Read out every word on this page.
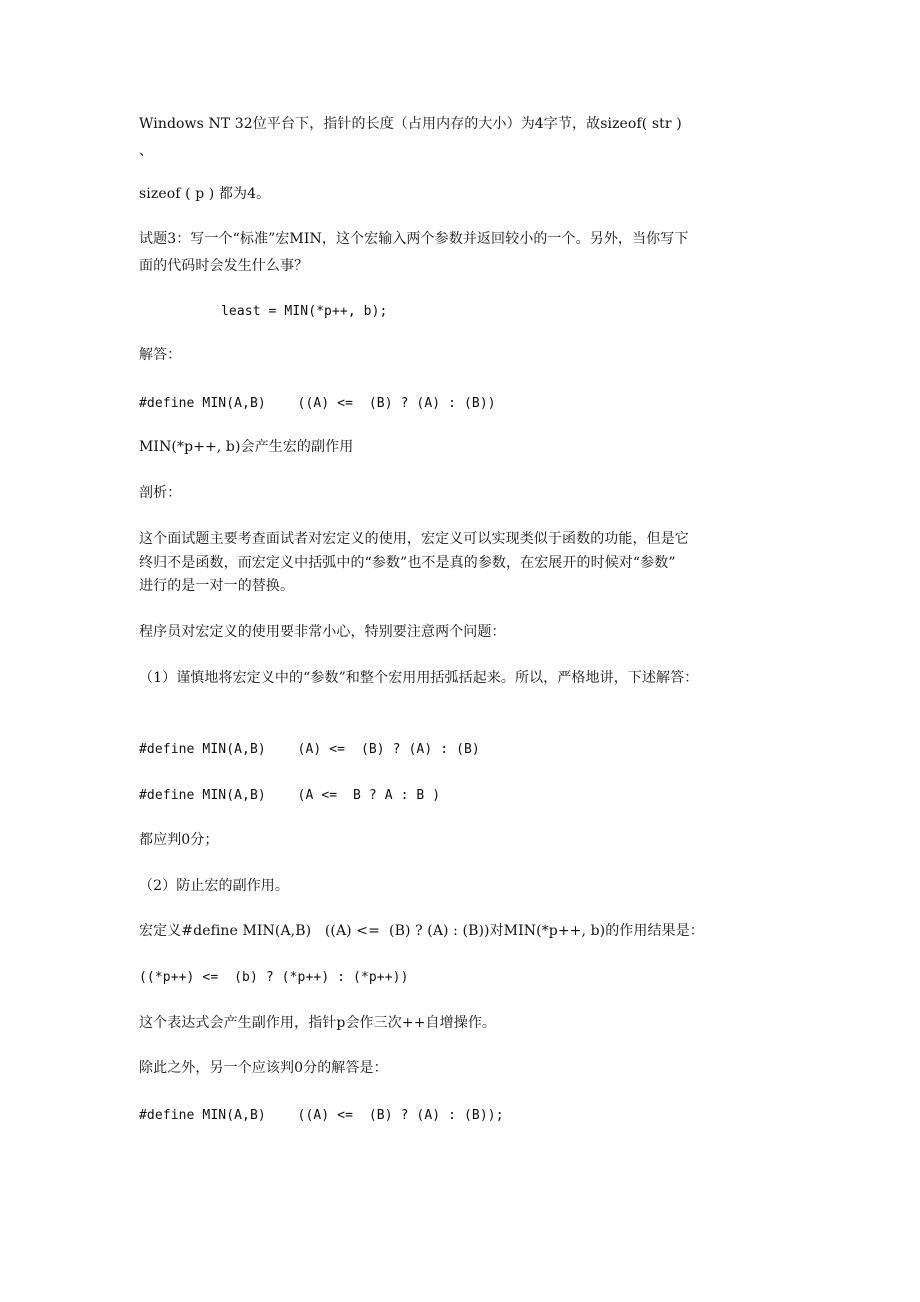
Windows NT 32位平台下，指针的长度（占用内存的大小）为4字节，故sizeof( str )
、
sizeof ( p ) 都为4。
试题3：写一个“标准”宏MIN，这个宏输入两个参数并返回较小的一个。另外，当你写下
面的代码时会发生什么事？
least = MIN(*p++, b);
解答：
#define MIN(A,B)    ((A) <=  (B) ? (A) : (B))
MIN(*p++, b)会产生宏的副作用
剖析：
这个面试题主要考查面试者对宏定义的使用，宏定义可以实现类似于函数的功能，但是它
终归不是函数，而宏定义中括弧中的“参数”也不是真的参数，在宏展开的时候对“参数”
进行的是一对一的替换。
程序员对宏定义的使用要非常小心，特别要注意两个问题：
（1）谨慎地将宏定义中的“参数”和整个宏用用括弧括起来。所以，严格地讲，下述解答：
#define MIN(A,B)    (A) <=  (B) ? (A) : (B)
#define MIN(A,B)    (A <=  B ? A : B )
都应判0分；
（2）防止宏的副作用。
宏定义#define MIN(A,B)   ((A) <=  (B) ? (A) : (B))对MIN(*p++, b)的作用结果是：
((*p++) <=  (b) ? (*p++) : (*p++))
这个表达式会产生副作用，指针p会作三次++自增操作。
除此之外，另一个应该判0分的解答是：
#define MIN(A,B)    ((A) <=  (B) ? (A) : (B));
